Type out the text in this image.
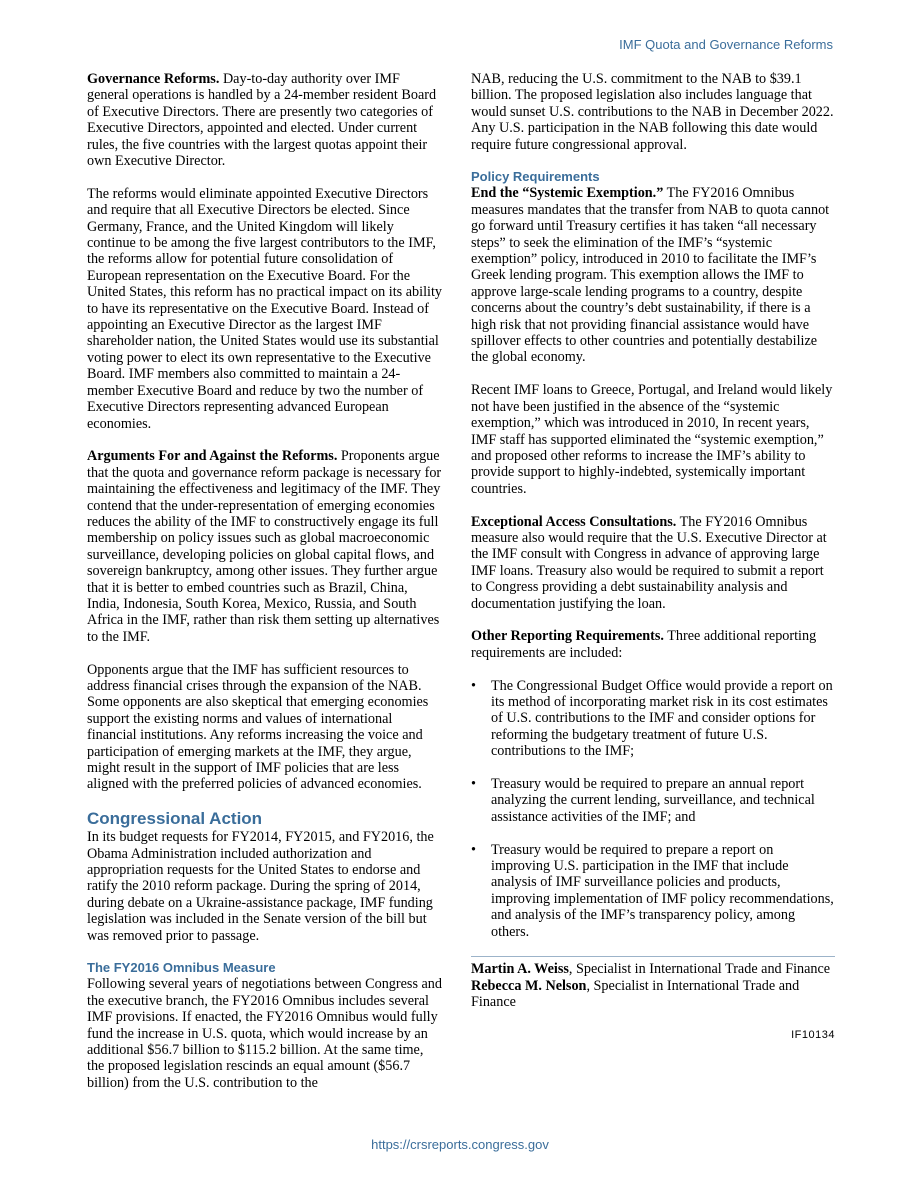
IMF Quota and Governance Reforms

Governance Reforms. Day-to-day authority over IMF general operations is handled by a 24-member resident Board of Executive Directors. There are presently two categories of Executive Directors, appointed and elected. Under current rules, the five countries with the largest quotas appoint their own Executive Director.

The reforms would eliminate appointed Executive Directors and require that all Executive Directors be elected. Since Germany, France, and the United Kingdom will likely continue to be among the five largest contributors to the IMF, the reforms allow for potential future consolidation of European representation on the Executive Board. For the United States, this reform has no practical impact on its ability to have its representative on the Executive Board. Instead of appointing an Executive Director as the largest IMF shareholder nation, the United States would use its substantial voting power to elect its own representative to the Executive Board. IMF members also committed to maintain a 24-member Executive Board and reduce by two the number of Executive Directors representing advanced European economies.

Arguments For and Against the Reforms. Proponents argue that the quota and governance reform package is necessary for maintaining the effectiveness and legitimacy of the IMF. They contend that the under-representation of emerging economies reduces the ability of the IMF to constructively engage its full membership on policy issues such as global macroeconomic surveillance, developing policies on global capital flows, and sovereign bankruptcy, among other issues. They further argue that it is better to embed countries such as Brazil, China, India, Indonesia, South Korea, Mexico, Russia, and South Africa in the IMF, rather than risk them setting up alternatives to the IMF.

Opponents argue that the IMF has sufficient resources to address financial crises through the expansion of the NAB. Some opponents are also skeptical that emerging economies support the existing norms and values of international financial institutions. Any reforms increasing the voice and participation of emerging markets at the IMF, they argue, might result in the support of IMF policies that are less aligned with the preferred policies of advanced economies.

Congressional Action

In its budget requests for FY2014, FY2015, and FY2016, the Obama Administration included authorization and appropriation requests for the United States to endorse and ratify the 2010 reform package. During the spring of 2014, during debate on a Ukraine-assistance package, IMF funding legislation was included in the Senate version of the bill but was removed prior to passage.

The FY2016 Omnibus Measure

Following several years of negotiations between Congress and the executive branch, the FY2016 Omnibus includes several IMF provisions. If enacted, the FY2016 Omnibus would fully fund the increase in U.S. quota, which would increase by an additional $56.7 billion to $115.2 billion. At the same time, the proposed legislation rescinds an equal amount ($56.7 billion) from the U.S. contribution to the

NAB, reducing the U.S. commitment to the NAB to $39.1 billion. The proposed legislation also includes language that would sunset U.S. contributions to the NAB in December 2022. Any U.S. participation in the NAB following this date would require future congressional approval.

Policy Requirements

End the “Systemic Exemption.” The FY2016 Omnibus measures mandates that the transfer from NAB to quota cannot go forward until Treasury certifies it has taken “all necessary steps” to seek the elimination of the IMF’s “systemic exemption” policy, introduced in 2010 to facilitate the IMF’s Greek lending program. This exemption allows the IMF to approve large-scale lending programs to a country, despite concerns about the country’s debt sustainability, if there is a high risk that not providing financial assistance would have spillover effects to other countries and potentially destabilize the global economy.

Recent IMF loans to Greece, Portugal, and Ireland would likely not have been justified in the absence of the “systemic exemption,” which was introduced in 2010, In recent years, IMF staff has supported eliminated the “systemic exemption,” and proposed other reforms to increase the IMF’s ability to provide support to highly-indebted, systemically important countries.

Exceptional Access Consultations. The FY2016 Omnibus measure also would require that the U.S. Executive Director at the IMF consult with Congress in advance of approving large IMF loans. Treasury also would be required to submit a report to Congress providing a debt sustainability analysis and documentation justifying the loan.

Other Reporting Requirements. Three additional reporting requirements are included:

• The Congressional Budget Office would provide a report on its method of incorporating market risk in its cost estimates of U.S. contributions to the IMF and consider options for reforming the budgetary treatment of future U.S. contributions to the IMF;
• Treasury would be required to prepare an annual report analyzing the current lending, surveillance, and technical assistance activities of the IMF; and
• Treasury would be required to prepare a report on improving U.S. participation in the IMF that include analysis of IMF surveillance policies and products, improving implementation of IMF policy recommendations, and analysis of the IMF’s transparency policy, among others.

Martin A. Weiss, Specialist in International Trade and Finance

Rebecca M. Nelson, Specialist in International Trade and Finance

IF10134
https://crsreports.congress.gov
